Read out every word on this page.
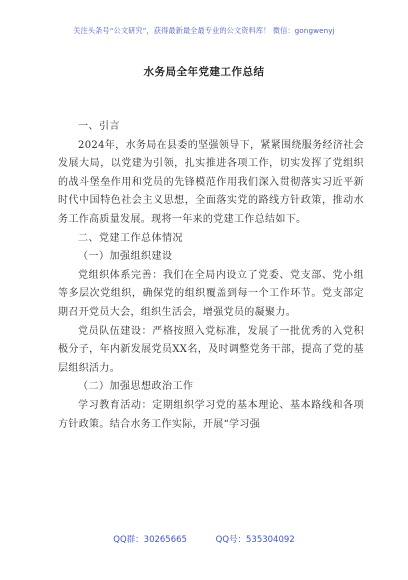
关注头条号“公文研究”，获得最新最全最专业的公文资料库！ 微信：gongwenyj
水务局全年党建工作总结

一、引言

2024年，水务局在县委的坚强领导下，紧紧围绕服务经济社会发展大局，以党建为引领，扎实推进各项工作，切实发挥了党组织的战斗堡垒作用和党员的先锋模范作用我们深入贯彻落实习近平新时代中国特色社会主义思想，全面落实党的路线方针政策，推动水务工作高质量发展。现将一年来的党建工作总结如下。

二、党建工作总体情况

（一）加强组织建设

党组织体系完善：我们在全局内设立了党委、党支部、党小组等多层次党组织，确保党的组织覆盖到每一个工作环节。党支部定期召开党员大会，组织生活会，增强党员的凝聚力。

党员队伍建设：严格按照入党标准，发展了一批优秀的入党积极分子，年内新发展党员XX名，及时调整党务干部，提高了党的基层组织活力。

（二）加强思想政治工作

学习教育活动：定期组织学习党的基本理论、基本路线和各项方针政策。结合水务工作实际，开展“学习强

QQ群：30265665	QQ号：535304092
